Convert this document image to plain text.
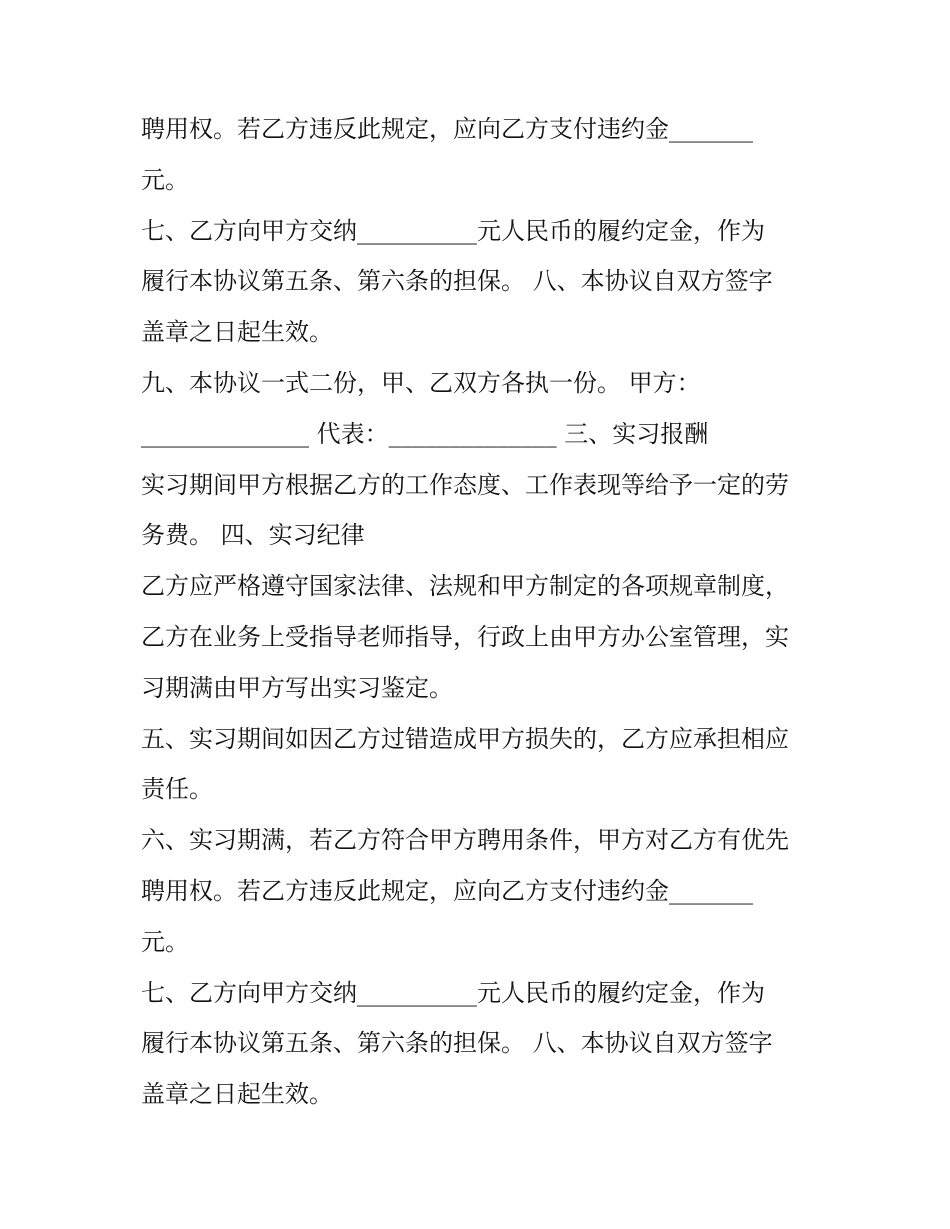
聘用权。若乙方违反此规定，应向乙方支付违约金_______
元。
七、乙方向甲方交纳__________元人民币的履约定金，作为
履行本协议第五条、第六条的担保。 八、本协议自双方签字
盖章之日起生效。
九、本协议一式二份，甲、乙双方各执一份。 甲方：
______________ 代表：______________ 三、实习报酬
实习期间甲方根据乙方的工作态度、工作表现等给予一定的劳
务费。 四、实习纪律
乙方应严格遵守国家法律、法规和甲方制定的各项规章制度，
乙方在业务上受指导老师指导，行政上由甲方办公室管理，实
习期满由甲方写出实习鉴定。
五、实习期间如因乙方过错造成甲方损失的，乙方应承担相应
责任。
六、实习期满，若乙方符合甲方聘用条件，甲方对乙方有优先
聘用权。若乙方违反此规定，应向乙方支付违约金_______
元。
七、乙方向甲方交纳__________元人民币的履约定金，作为
履行本协议第五条、第六条的担保。 八、本协议自双方签字
盖章之日起生效。
